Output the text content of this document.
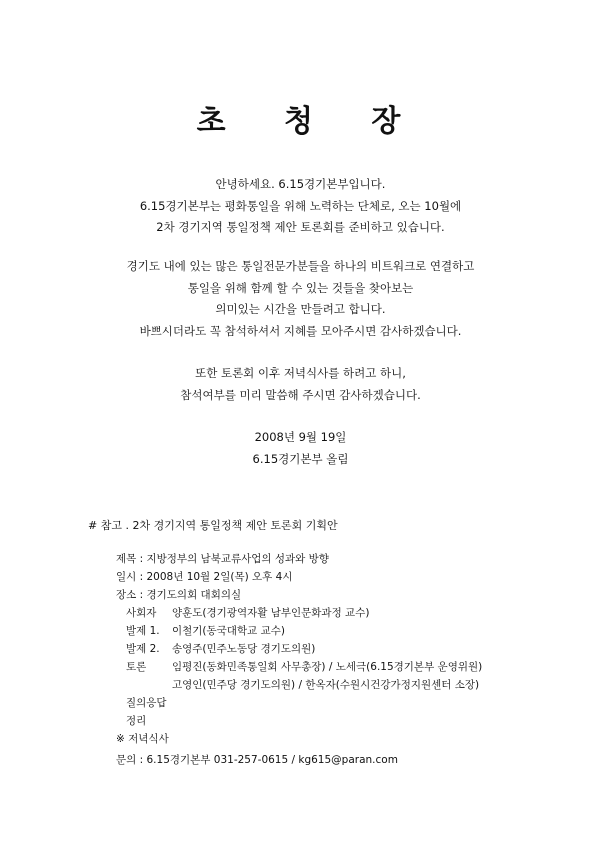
초 청 장
안녕하세요. 6.15경기본부입니다.
6.15경기본부는 평화통일을 위해 노력하는 단체로, 오는 10월에
2차 경기지역 통일정책 제안 토론회를 준비하고 있습니다.
경기도 내에 있는 많은 통일전문가분들을 하나의 비트워크로 연결하고
통일을 위해 함께 할 수 있는 것들을 찾아보는
의미있는 시간을 만들려고 합니다.
바쁘시더라도 꼭 참석하셔서 지혜를 모아주시면 감사하겠습니다.
또한 토론회 이후 저녁식사를 하려고 하니,
참석여부를 미리 말씀해 주시면 감사하겠습니다.
2008년 9월 19일
6.15경기본부 올림
# 참고 . 2차 경기지역 통일정책 제안 토론회 기획안
제목 : 지방정부의 남북교류사업의 성과와 방향
일시 : 2008년 10월 2일(목) 오후 4시
장소 : 경기도의회 대회의실
사회자 양훈도(경기광역자활 남부인문화과정 교수)
발제 1. 이철기(동국대학교 교수)
발제 2. 송영주(민주노동당 경기도의원)
토론 임평진(동화민족통일회 사무총장) / 노세극(6.15경기본부 운영위원)
고영인(민주당 경기도의원) / 한옥자(수원시건강가정지원센터 소장)
질의응답
정리
※ 저녁식사
문의 : 6.15경기본부 031-257-0615 / kg615@paran.com
